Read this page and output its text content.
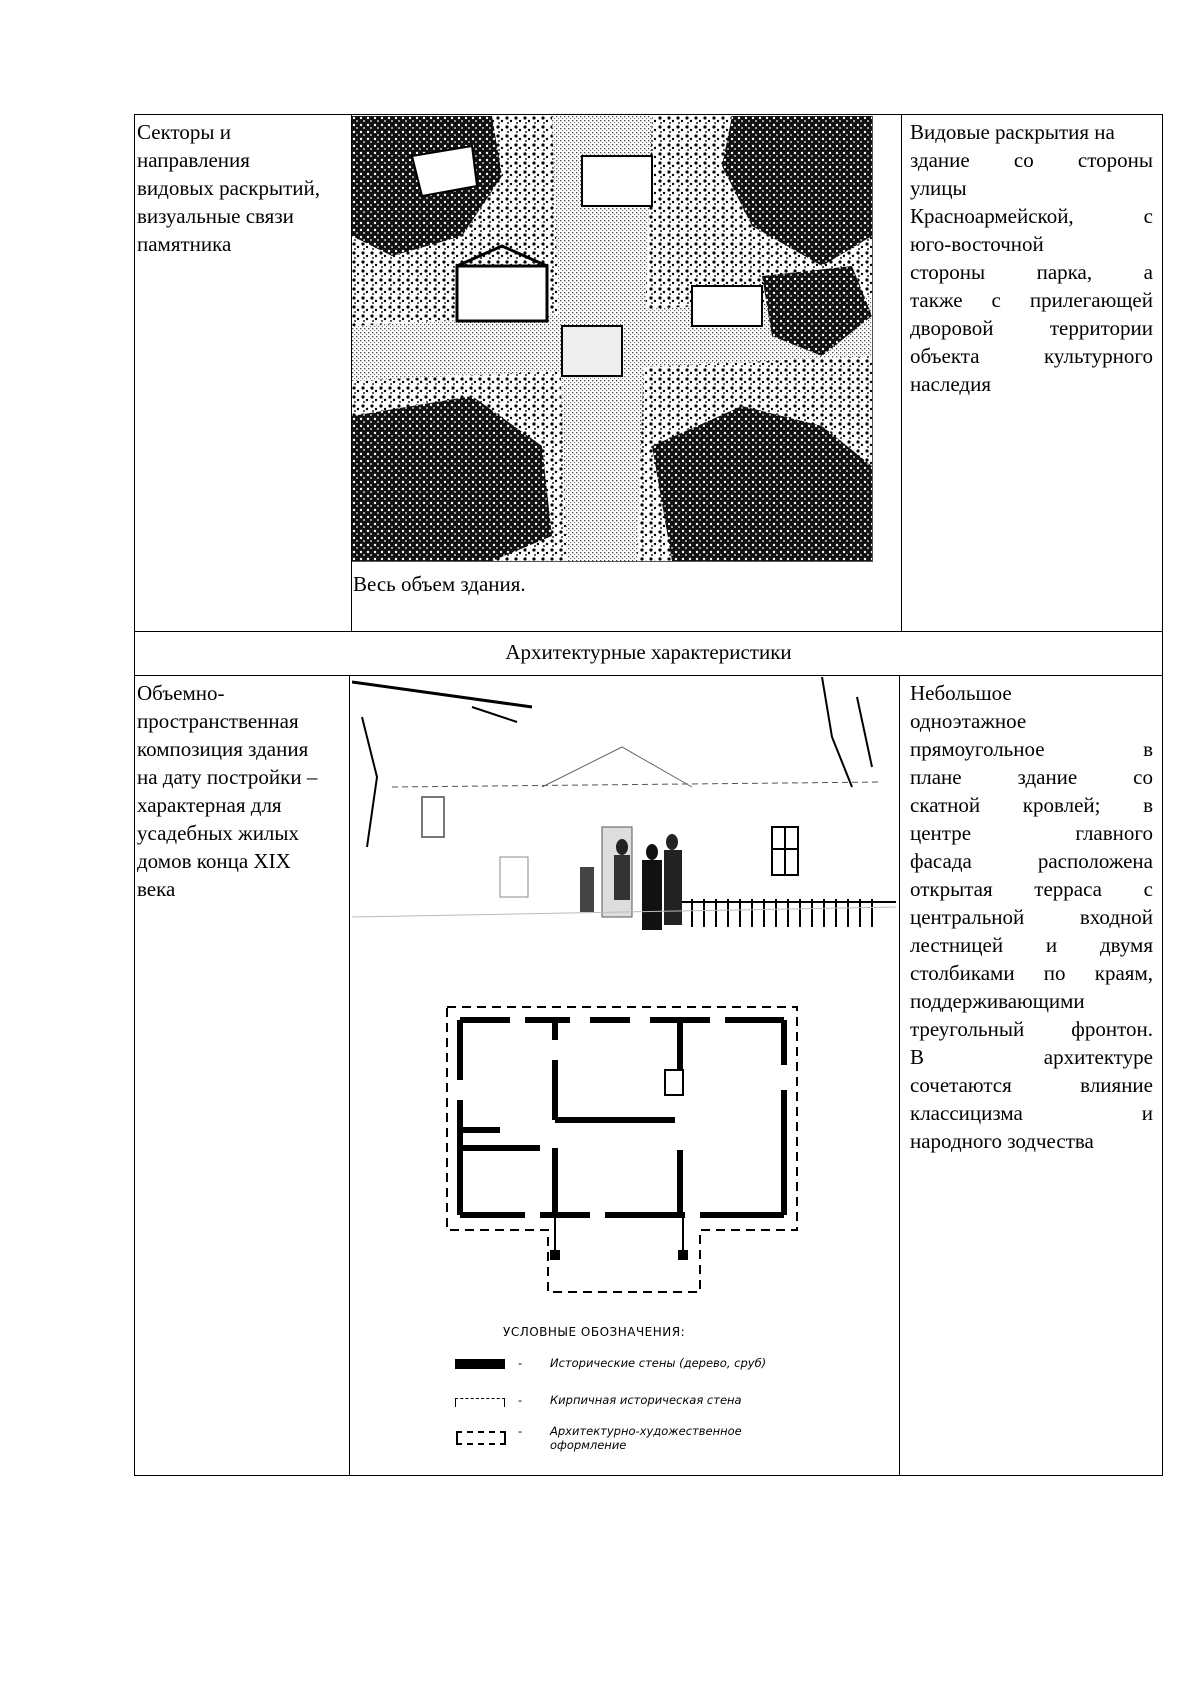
Секторы и
направления
видовых раскрытий,
визуальные связи
памятника
Весь объем здания.
Видовые раскрытия на
здание со стороны
улицы
Красноармейской, с
юго-восточной
стороны парка, а
также с прилегающей
дворовой территории
объекта культурного
наследия
Архитектурные характеристики
Объемно-
пространственная
композиция здания
на дату постройки –
характерная для
усадебных жилых
домов конца XIX
века
УСЛОВНЫЕ ОБОЗНАЧЕНИЯ:
- Исторические стены (дерево, сруб)
- Кирпичная историческая стена
- Архитектурно-художественное
оформление
Небольшое
одноэтажное
прямоугольное в
плане здание со
скатной кровлей; в
центре главного
фасада расположена
открытая терраса с
центральной входной
лестницей и двумя
столбиками по краям,
поддерживающими
треугольный фронтон.
В архитектуре
сочетаются влияние
классицизма и
народного зодчества
